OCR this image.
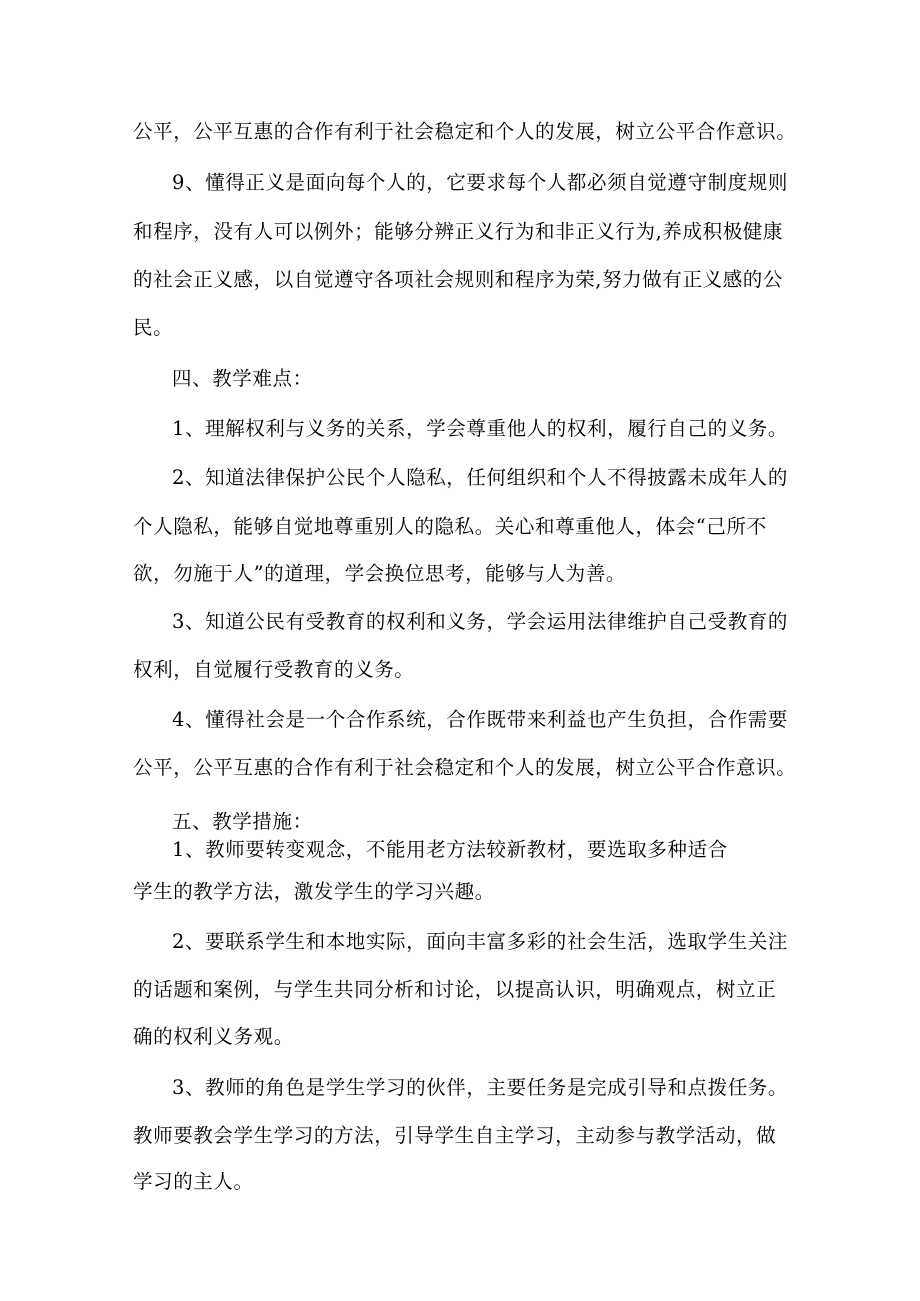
公平，公平互惠的合作有利于社会稳定和个人的发展，树立公平合作意识。
9、懂得正义是面向每个人的，它要求每个人都必须自觉遵守制度规则
和程序，没有人可以例外；能够分辨正义行为和非正义行为,养成积极健康
的社会正义感，以自觉遵守各项社会规则和程序为荣,努力做有正义感的公
民。
四、教学难点：
1、理解权利与义务的关系，学会尊重他人的权利，履行自己的义务。
2、知道法律保护公民个人隐私，任何组织和个人不得披露未成年人的
个人隐私，能够自觉地尊重别人的隐私。关心和尊重他人，体会“己所不
欲，勿施于人”的道理，学会换位思考，能够与人为善。
3、知道公民有受教育的权利和义务，学会运用法律维护自己受教育的
权利，自觉履行受教育的义务。
4、懂得社会是一个合作系统，合作既带来利益也产生负担，合作需要
公平，公平互惠的合作有利于社会稳定和个人的发展，树立公平合作意识。
五、教学措施：
1、教师要转变观念，不能用老方法较新教材，要选取多种适合
学生的教学方法，激发学生的学习兴趣。
2、要联系学生和本地实际，面向丰富多彩的社会生活，选取学生关注
的话题和案例，与学生共同分析和讨论，以提高认识，明确观点，树立正
确的权利义务观。
3、教师的角色是学生学习的伙伴，主要任务是完成引导和点拨任务。
教师要教会学生学习的方法，引导学生自主学习，主动参与教学活动，做
学习的主人。
